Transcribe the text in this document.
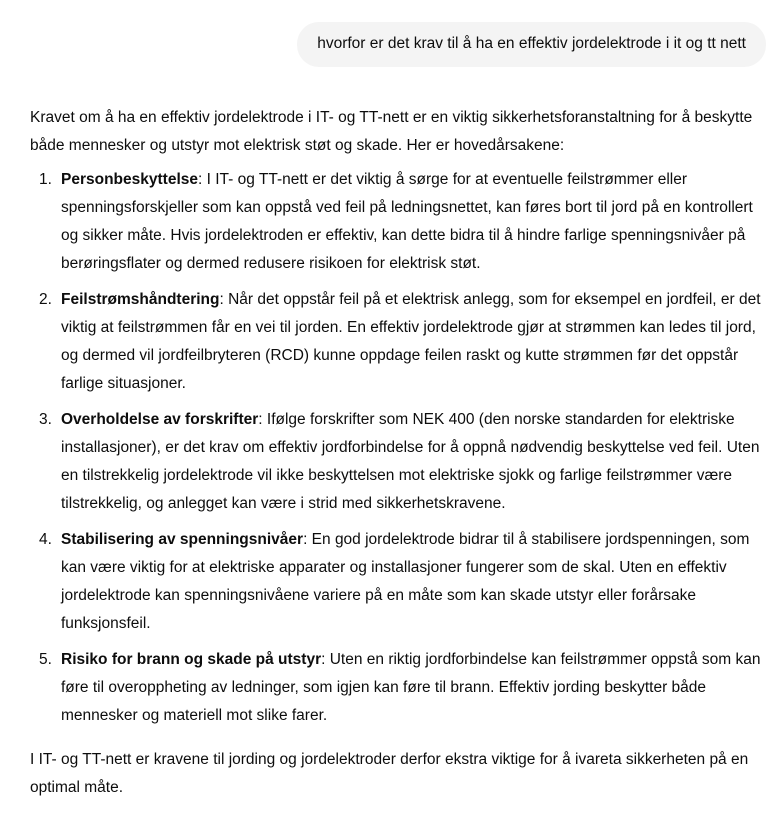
hvorfor er det krav til å ha en effektiv jordelektrode i it og tt nett

Kravet om å ha en effektiv jordelektrode i IT- og TT-nett er en viktig sikkerhetsforanstaltning for å beskytte både mennesker og utstyr mot elektrisk støt og skade. Her er hovedårsakene:

1. Personbeskyttelse: I IT- og TT-nett er det viktig å sørge for at eventuelle feilstrømmer eller spenningsforskjeller som kan oppstå ved feil på ledningsnettet, kan føres bort til jord på en kontrollert og sikker måte. Hvis jordelektroden er effektiv, kan dette bidra til å hindre farlige spenningsnivåer på berøringsflater og dermed redusere risikoen for elektrisk støt.
2. Feilstrømshåndtering: Når det oppstår feil på et elektrisk anlegg, som for eksempel en jordfeil, er det viktig at feilstrømmen får en vei til jorden. En effektiv jordelektrode gjør at strømmen kan ledes til jord, og dermed vil jordfeilbryteren (RCD) kunne oppdage feilen raskt og kutte strømmen før det oppstår farlige situasjoner.
3. Overholdelse av forskrifter: Ifølge forskrifter som NEK 400 (den norske standarden for elektriske installasjoner), er det krav om effektiv jordforbindelse for å oppnå nødvendig beskyttelse ved feil. Uten en tilstrekkelig jordelektrode vil ikke beskyttelsen mot elektriske sjokk og farlige feilstrømmer være tilstrekkelig, og anlegget kan være i strid med sikkerhetskravene.
4. Stabilisering av spenningsnivåer: En god jordelektrode bidrar til å stabilisere jordspenningen, som kan være viktig for at elektriske apparater og installasjoner fungerer som de skal. Uten en effektiv jordelektrode kan spenningsnivåene variere på en måte som kan skade utstyr eller forårsake funksjonsfeil.
5. Risiko for brann og skade på utstyr: Uten en riktig jordforbindelse kan feilstrømmer oppstå som kan føre til overoppheting av ledninger, som igjen kan føre til brann. Effektiv jording beskytter både mennesker og materiell mot slike farer.

I IT- og TT-nett er kravene til jording og jordelektroder derfor ekstra viktige for å ivareta sikkerheten på en optimal måte.
